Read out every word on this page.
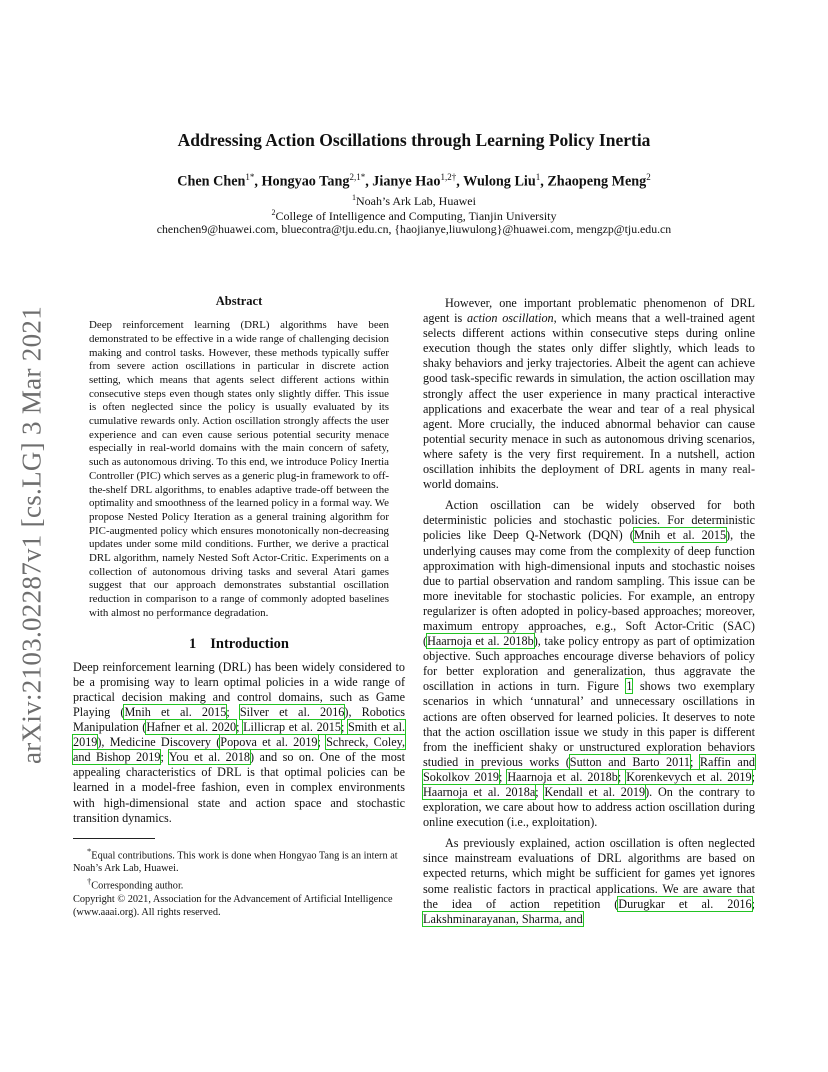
arXiv:2103.02287v1 [cs.LG] 3 Mar 2021
Addressing Action Oscillations through Learning Policy Inertia
Chen Chen$^{1*}$, Hongyao Tang$^{2,1*}$, Jianye Hao$^{1,2\dagger}$, Wulong Liu$^1$, Zhaopeng Meng$^2$
$^1$Noah’s Ark Lab, Huawei
$^2$College of Intelligence and Computing, Tianjin University
chenchen9@huawei.com, bluecontra@tju.edu.cn, {haojianye,liuwulong}@huawei.com, mengzp@tju.edu.cn
Abstract
Deep reinforcement learning (DRL) algorithms have been demonstrated to be effective in a wide range of challenging decision making and control tasks. However, these methods typically suffer from severe action oscillations in particular in discrete action setting, which means that agents select different actions within consecutive steps even though states only slightly differ. This issue is often neglected since the policy is usually evaluated by its cumulative rewards only. Action oscillation strongly affects the user experience and can even cause serious potential security menace especially in real-world domains with the main concern of safety, such as autonomous driving. To this end, we introduce Policy Inertia Controller (PIC) which serves as a generic plug-in framework to off-the-shelf DRL algorithms, to enables adaptive trade-off between the optimality and smoothness of the learned policy in a formal way. We propose Nested Policy Iteration as a general training algorithm for PIC-augmented policy which ensures monotonically non-decreasing updates under some mild conditions. Further, we derive a practical DRL algorithm, namely Nested Soft Actor-Critic. Experiments on a collection of autonomous driving tasks and several Atari games suggest that our approach demonstrates substantial oscillation reduction in comparison to a range of commonly adopted baselines with almost no performance degradation.
1 Introduction

Deep reinforcement learning (DRL) has been widely considered to be a promising way to learn optimal policies in a wide range of practical decision making and control domains, such as Game Playing (Mnih et al. 2015; Silver et al. 2016), Robotics Manipulation (Hafner et al. 2020; Lillicrap et al. 2015; Smith et al. 2019), Medicine Discovery (Popova et al. 2019; Schreck, Coley, and Bishop 2019; You et al. 2018) and so on. One of the most appealing characteristics of DRL is that optimal policies can be learned in a model-free fashion, even in complex environments with high-dimensional state and action space and stochastic transition dynamics.

*Equal contributions. This work is done when Hongyao Tang is an intern at Noah’s Ark Lab, Huawei.

†Corresponding author.

Copyright © 2021, Association for the Advancement of Artificial Intelligence (www.aaai.org). All rights reserved.

However, one important problematic phenomenon of DRL agent is action oscillation, which means that a well-trained agent selects different actions within consecutive steps during online execution though the states only differ slightly, which leads to shaky behaviors and jerky trajectories. Albeit the agent can achieve good task-specific rewards in simulation, the action oscillation may strongly affect the user experience in many practical interactive applications and exacerbate the wear and tear of a real physical agent. More crucially, the induced abnormal behavior can cause potential security menace in such as autonomous driving scenarios, where safety is the very first requirement. In a nutshell, action oscillation inhibits the deployment of DRL agents in many real-world domains.

Action oscillation can be widely observed for both deterministic policies and stochastic policies. For deterministic policies like Deep Q-Network (DQN) (Mnih et al. 2015), the underlying causes may come from the complexity of deep function approximation with high-dimensional inputs and stochastic noises due to partial observation and random sampling. This issue can be more inevitable for stochastic policies. For example, an entropy regularizer is often adopted in policy-based approaches; moreover, maximum entropy approaches, e.g., Soft Actor-Critic (SAC) (Haarnoja et al. 2018b), take policy entropy as part of optimization objective. Such approaches encourage diverse behaviors of policy for better exploration and generalization, thus aggravate the oscillation in actions in turn. Figure 1 shows two exemplary scenarios in which ‘unnatural’ and unnecessary oscillations in actions are often observed for learned policies. It deserves to note that the action oscillation issue we study in this paper is different from the inefficient shaky or unstructured exploration behaviors studied in previous works (Sutton and Barto 2011; Raffin and Sokolkov 2019; Haarnoja et al. 2018b; Korenkevych et al. 2019; Haarnoja et al. 2018a; Kendall et al. 2019). On the contrary to exploration, we care about how to address action oscillation during online execution (i.e., exploitation).

As previously explained, action oscillation is often neglected since mainstream evaluations of DRL algorithms are based on expected returns, which might be sufficient for games yet ignores some realistic factors in practical applications. We are aware that the idea of action repetition (Durugkar et al. 2016; Lakshminarayanan, Sharma, and
